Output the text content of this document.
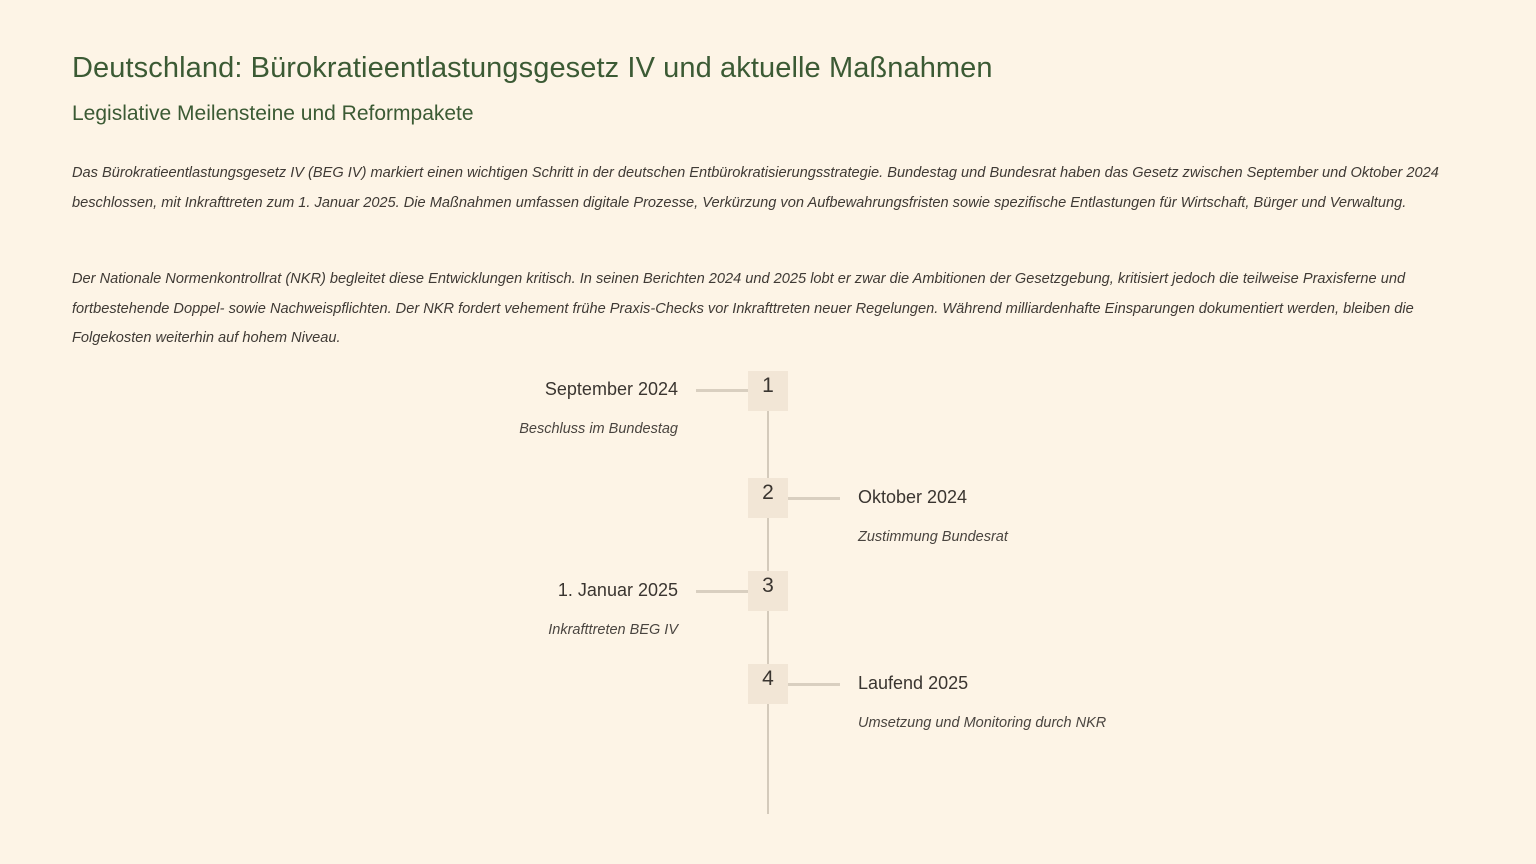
Deutschland: Bürokratieentlastungsgesetz IV und aktuelle Maßnahmen
Legislative Meilensteine und Reformpakete

Das Bürokratieentlastungsgesetz IV (BEG IV) markiert einen wichtigen Schritt in der deutschen Entbürokratisierungsstrategie. Bundestag und Bundesrat haben das Gesetz zwischen September und Oktober 2024 beschlossen, mit Inkrafttreten zum 1. Januar 2025. Die Maßnahmen umfassen digitale Prozesse, Verkürzung von Aufbewahrungsfristen sowie spezifische Entlastungen für Wirtschaft, Bürger und Verwaltung.

Der Nationale Normenkontrollrat (NKR) begleitet diese Entwicklungen kritisch. In seinen Berichten 2024 und 2025 lobt er zwar die Ambitionen der Gesetzgebung, kritisiert jedoch die teilweise Praxisferne und fortbestehende Doppel- sowie Nachweispflichten. Der NKR fordert vehement frühe Praxis-Checks vor Inkrafttreten neuer Regelungen. Während milliardenhafte Einsparungen dokumentiert werden, bleiben die Folgekosten weiterhin auf hohem Niveau.

1
September 2024
Beschluss im Bundestag
2	Oktober 2024
Zustimmung Bundesrat
3
1. Januar 2025
Inkrafttreten BEG IV
4	Laufend 2025
Umsetzung und Monitoring durch NKR
